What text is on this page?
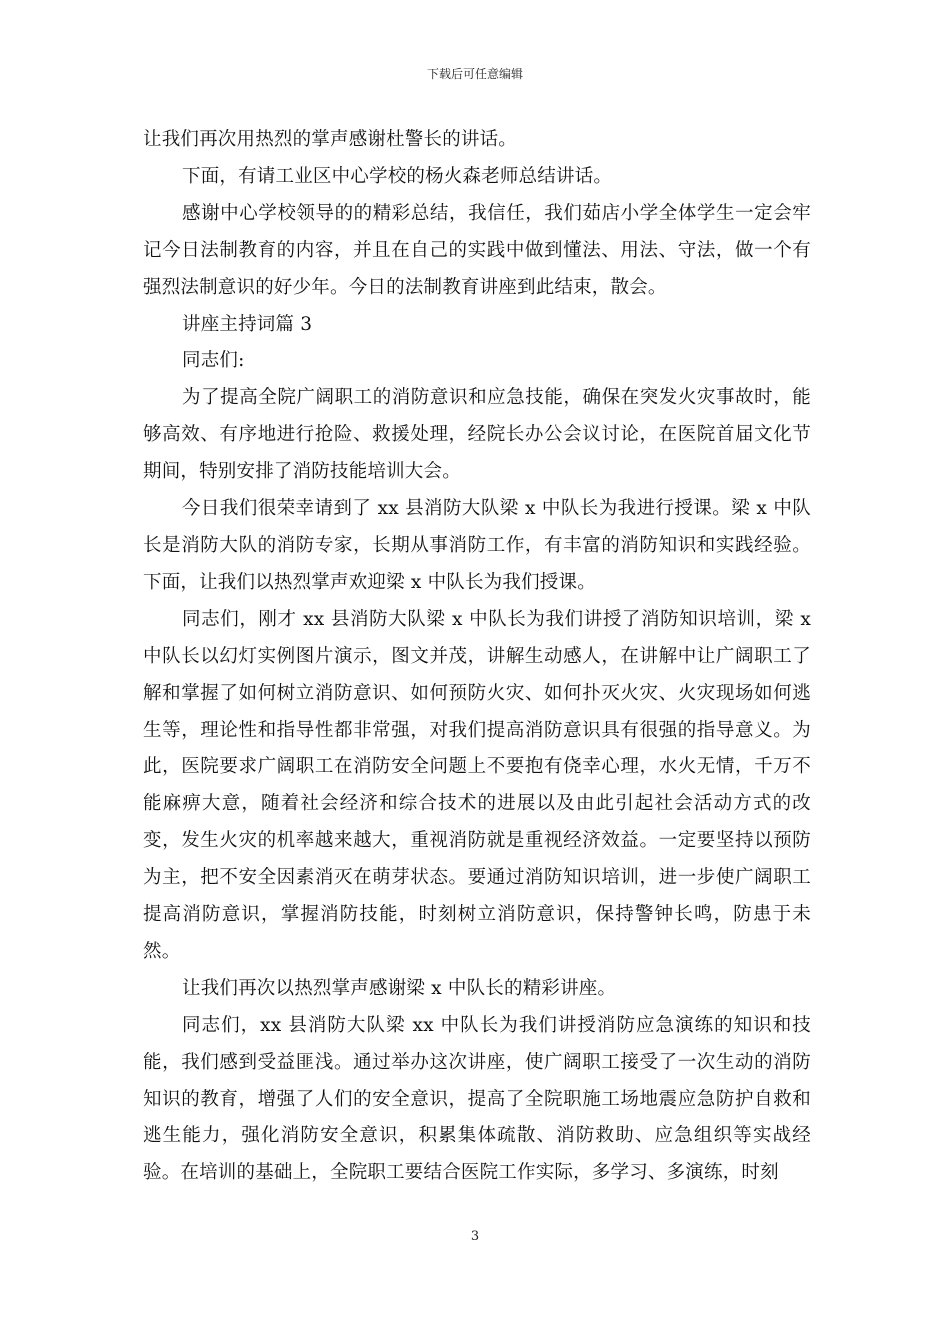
下载后可任意编辑

让我们再次用热烈的掌声感谢杜警长的讲话。

下面，有请工业区中心学校的杨火森老师总结讲话。

感谢中心学校领导的的精彩总结，我信任，我们茹店小学全体学生一定会牢记今日法制教育的内容，并且在自己的实践中做到懂法、用法、守法，做一个有强烈法制意识的好少年。今日的法制教育讲座到此结束，散会。

讲座主持词篇 3

同志们:

为了提高全院广阔职工的消防意识和应急技能，确保在突发火灾事故时，能够高效、有序地进行抢险、救援处理，经院长办公会议讨论，在医院首届文化节期间，特别安排了消防技能培训大会。

今日我们很荣幸请到了 xx 县消防大队梁 x 中队长为我进行授课。梁 x 中队长是消防大队的消防专家，长期从事消防工作，有丰富的消防知识和实践经验。下面，让我们以热烈掌声欢迎梁 x 中队长为我们授课。

同志们，刚才 xx 县消防大队梁 x 中队长为我们讲授了消防知识培训，梁 x 中队长以幻灯实例图片演示，图文并茂，讲解生动感人，在讲解中让广阔职工了解和掌握了如何树立消防意识、如何预防火灾、如何扑灭火灾、火灾现场如何逃生等，理论性和指导性都非常强，对我们提高消防意识具有很强的指导意义。为此，医院要求广阔职工在消防安全问题上不要抱有侥幸心理，水火无情，千万不能麻痹大意，随着社会经济和综合技术的进展以及由此引起社会活动方式的改变，发生火灾的机率越来越大，重视消防就是重视经济效益。一定要坚持以预防为主，把不安全因素消灭在萌芽状态。要通过消防知识培训，进一步使广阔职工提高消防意识，掌握消防技能，时刻树立消防意识，保持警钟长鸣，防患于未然。

让我们再次以热烈掌声感谢梁 x 中队长的精彩讲座。

同志们，xx 县消防大队梁 xx 中队长为我们讲授消防应急演练的知识和技能，我们感到受益匪浅。通过举办这次讲座，使广阔职工接受了一次生动的消防知识的教育，增强了人们的安全意识，提高了全院职施工场地震应急防护自救和逃生能力，强化消防安全意识，积累集体疏散、消防救助、应急组织等实战经验。在培训的基础上，全院职工要结合医院工作实际，多学习、多演练，时刻

3
